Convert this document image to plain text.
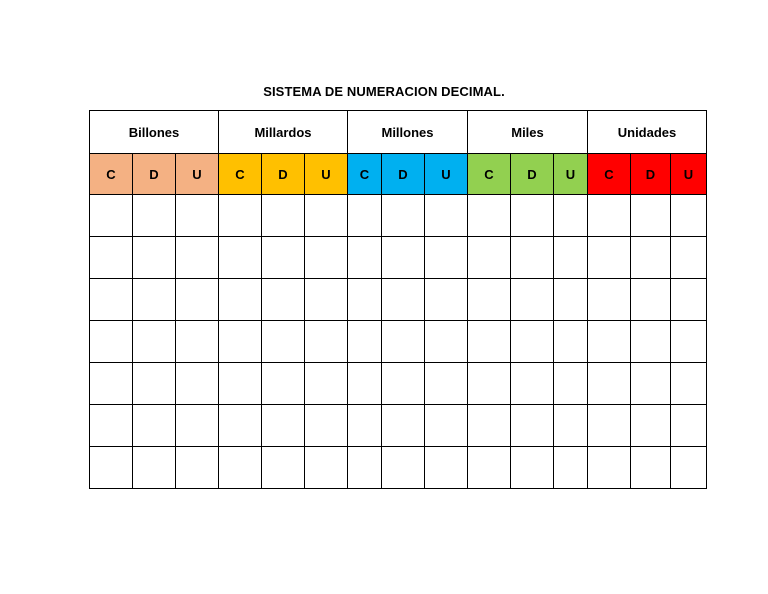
SISTEMA DE NUMERACION DECIMAL.
Billones			Millardos			Millones			Miles			Unidades		
C	D	U	C	D	U	C	D	U	C	D	U	C	D	U
